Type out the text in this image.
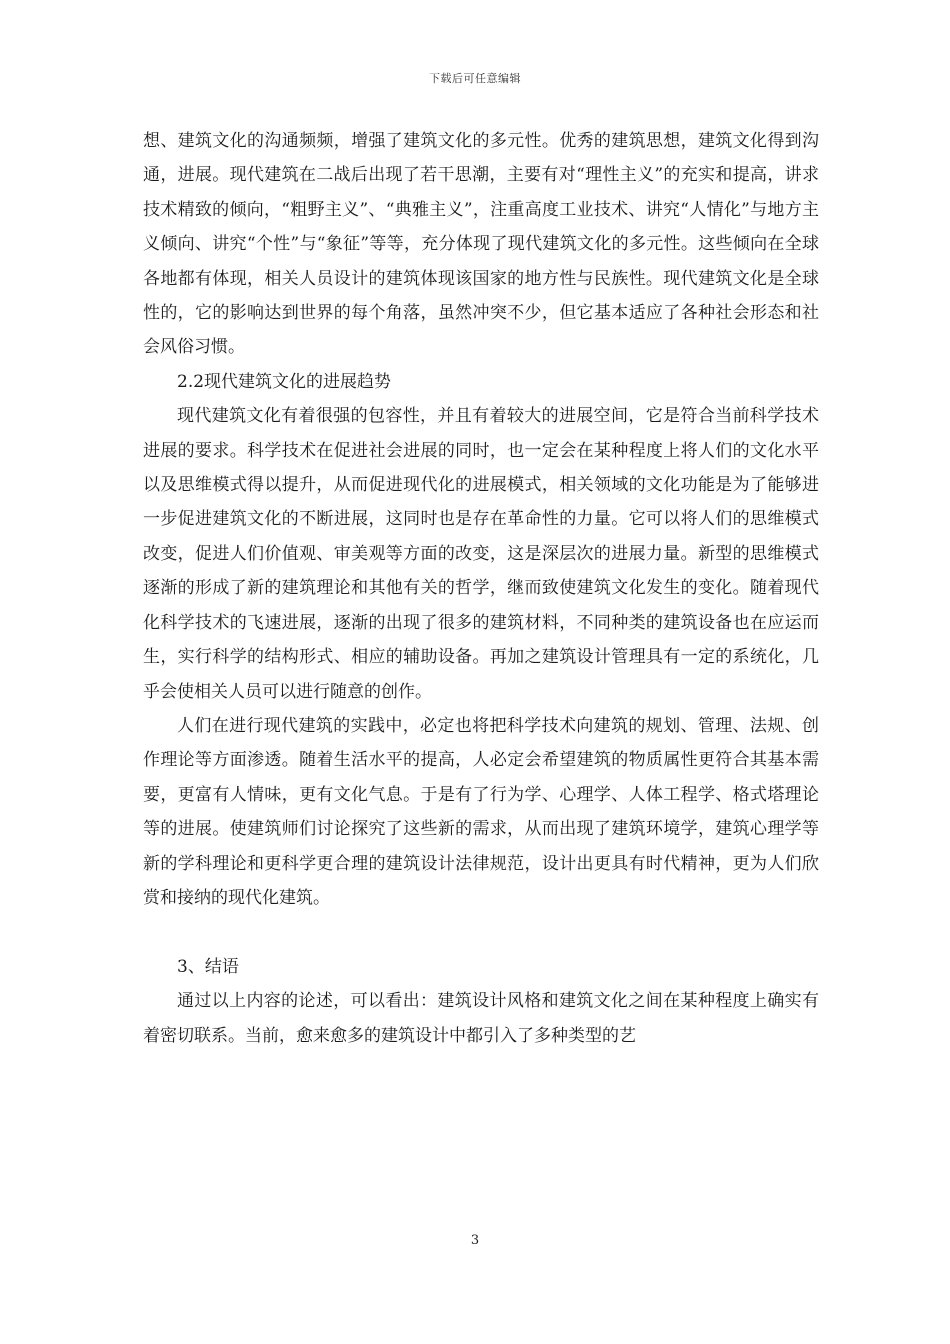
下载后可任意编辑

想、建筑文化的沟通频频，增强了建筑文化的多元性。优秀的建筑思想，建筑文化得到沟通，进展。现代建筑在二战后出现了若干思潮，主要有对“理性主义”的充实和提高，讲求技术精致的倾向，“粗野主义”、“典雅主义”，注重高度工业技术、讲究“人情化”与地方主义倾向、讲究“个性”与“象征”等等，充分体现了现代建筑文化的多元性。这些倾向在全球各地都有体现，相关人员设计的建筑体现该国家的地方性与民族性。现代建筑文化是全球性的，它的影响达到世界的每个角落，虽然冲突不少，但它基本适应了各种社会形态和社会风俗习惯。

2.2现代建筑文化的进展趋势

现代建筑文化有着很强的包容性，并且有着较大的进展空间，它是符合当前科学技术进展的要求。科学技术在促进社会进展的同时，也一定会在某种程度上将人们的文化水平以及思维模式得以提升，从而促进现代化的进展模式，相关领域的文化功能是为了能够进一步促进建筑文化的不断进展，这同时也是存在革命性的力量。它可以将人们的思维模式改变，促进人们价值观、审美观等方面的改变，这是深层次的进展力量。新型的思维模式逐渐的形成了新的建筑理论和其他有关的哲学，继而致使建筑文化发生的变化。随着现代化科学技术的飞速进展，逐渐的出现了很多的建筑材料，不同种类的建筑设备也在应运而生，实行科学的结构形式、相应的辅助设备。再加之建筑设计管理具有一定的系统化，几乎会使相关人员可以进行随意的创作。

人们在进行现代建筑的实践中，必定也将把科学技术向建筑的规划、管理、法规、创作理论等方面渗透。随着生活水平的提高，人必定会希望建筑的物质属性更符合其基本需要，更富有人情味，更有文化气息。于是有了行为学、心理学、人体工程学、格式塔理论等的进展。使建筑师们讨论探究了这些新的需求，从而出现了建筑环境学，建筑心理学等新的学科理论和更科学更合理的建筑设计法律规范，设计出更具有时代精神，更为人们欣赏和接纳的现代化建筑。

3、结语

通过以上内容的论述，可以看出：建筑设计风格和建筑文化之间在某种程度上确实有着密切联系。当前，愈来愈多的建筑设计中都引入了多种类型的艺

3
